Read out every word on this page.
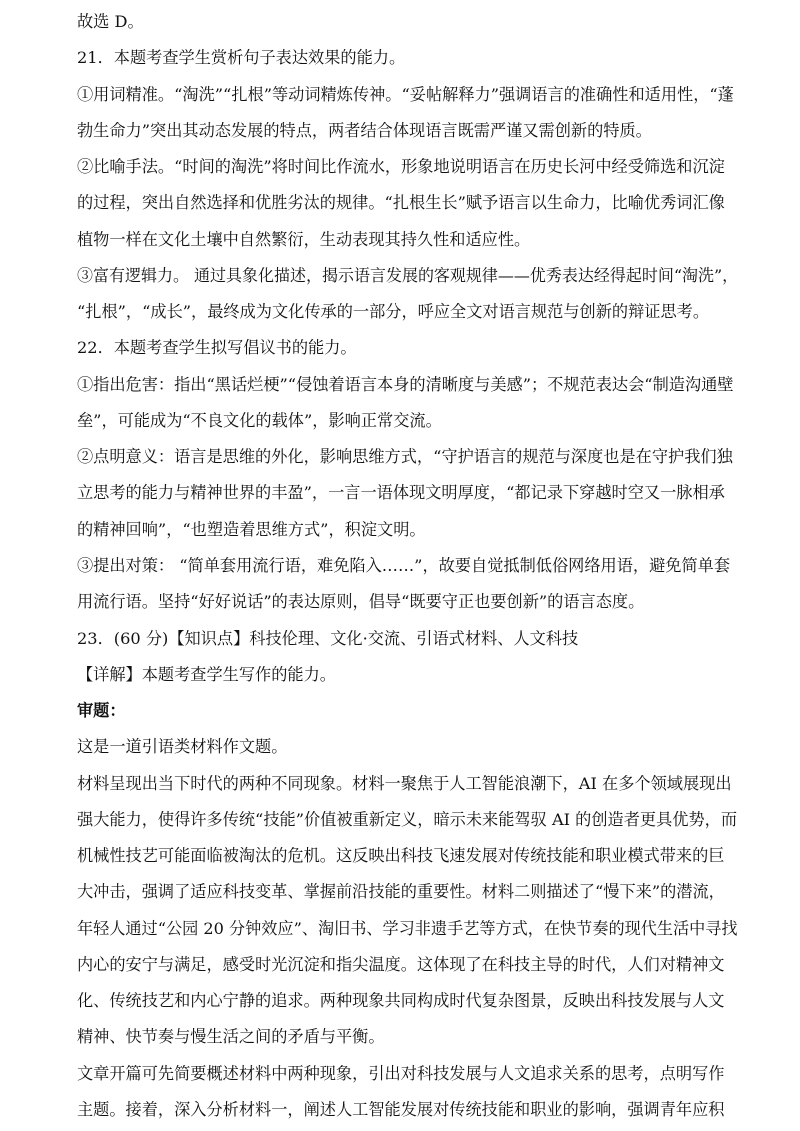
故选 D。
21．本题考查学生赏析句子表达效果的能力。
①用词精准。“淘洗”“扎根”等动词精炼传神。“妥帖解释力”强调语言的准确性和适用性，“蓬
勃生命力”突出其动态发展的特点，两者结合体现语言既需严谨又需创新的特质。
②比喻手法。“时间的淘洗”将时间比作流水，形象地说明语言在历史长河中经受筛选和沉淀
的过程，突出自然选择和优胜劣汰的规律。“扎根生长”赋予语言以生命力，比喻优秀词汇像
植物一样在文化土壤中自然繁衍，生动表现其持久性和适应性。
③富有逻辑力。 通过具象化描述，揭示语言发展的客观规律——优秀表达经得起时间“淘洗”，
“扎根”，“成长”，最终成为文化传承的一部分，呼应全文对语言规范与创新的辩证思考。
22．本题考查学生拟写倡议书的能力。
①指出危害：指出“黑话烂梗”“侵蚀着语言本身的清晰度与美感”；不规范表达会“制造沟通壁
垒”，可能成为“不良文化的载体”，影响正常交流。
②点明意义：语言是思维的外化，影响思维方式，“守护语言的规范与深度也是在守护我们独
立思考的能力与精神世界的丰盈”，一言一语体现文明厚度，“都记录下穿越时空又一脉相承
的精神回响”，“也塑造着思维方式”，积淀文明。
③提出对策： “简单套用流行语，难免陷入……”，故要自觉抵制低俗网络用语，避免简单套
用流行语。坚持“好好说话”的表达原则，倡导“既要守正也要创新”的语言态度。
23．(60 分)【知识点】科技伦理、文化·交流、引语式材料、人文科技
【详解】本题考查学生写作的能力。
审题：
这是一道引语类材料作文题。
材料呈现出当下时代的两种不同现象。材料一聚焦于人工智能浪潮下，AI 在多个领域展现出
强大能力，使得许多传统“技能”价值被重新定义，暗示未来能驾驭 AI 的创造者更具优势，而
机械性技艺可能面临被淘汰的危机。这反映出科技飞速发展对传统技能和职业模式带来的巨
大冲击，强调了适应科技变革、掌握前沿技能的重要性。材料二则描述了“慢下来”的潜流，
年轻人通过“公园 20 分钟效应”、淘旧书、学习非遗手艺等方式，在快节奏的现代生活中寻找
内心的安宁与满足，感受时光沉淀和指尖温度。这体现了在科技主导的时代，人们对精神文
化、传统技艺和内心宁静的追求。两种现象共同构成时代复杂图景，反映出科技发展与人文
精神、快节奏与慢生活之间的矛盾与平衡。
文章开篇可先简要概述材料中两种现象，引出对科技发展与人文追求关系的思考，点明写作
主题。接着，深入分析材料一，阐述人工智能发展对传统技能和职业的影响，强调青年应积
